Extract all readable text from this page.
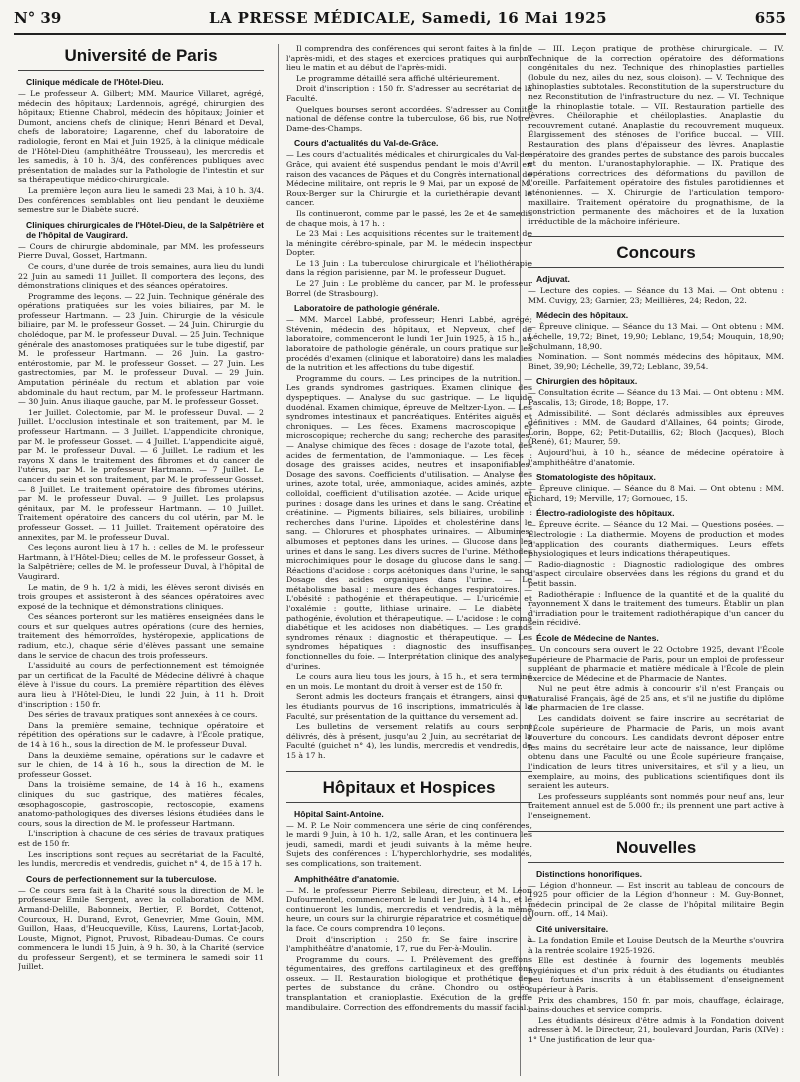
N° 39	LA PRESSE MÉDICALE, Samedi, 16 Mai 1925	655
Université de Paris
Clinique médicale de l'Hôtel-Dieu.

— Le professeur A. Gilbert; MM. Maurice Villaret, agrégé, médecin des hôpitaux; Lardennois, agrégé, chirurgien des hôpitaux; Etienne Chabrol, médecin des hôpitaux; Joinier et Dumont, anciens chefs de clinique; Henri Bénard et Deval, chefs de laboratoire; Lagarenne, chef du laboratoire de radiologie, feront en Mai et Juin 1925, à la clinique médicale de l'Hôtel-Dieu (amphithéâtre Trousseau), les mercredis et les samedis, à 10 h. 3/4, des conférences publiques avec présentation de malades sur la Pathologie de l'intestin et sur sa thérapeutique médico-chirurgicale.

La première leçon aura lieu le samedi 23 Mai, à 10 h. 3/4. Des conférences semblables ont lieu pendant le deuxième semestre sur le Diabète sucré.

Cliniques chirurgicales de l'Hôtel-Dieu, de la Salpêtrière et de l'hôpital de Vaugirard.

— Cours de chirurgie abdominale, par MM. les professeurs Pierre Duval, Gosset, Hartmann.

Ce cours, d'une durée de trois semaines, aura lieu du lundi 22 Juin au samedi 11 Juillet. Il comportera des leçons, des démonstrations cliniques et des séances opératoires.

Programme des leçons. — 22 Juin. Technique générale des opérations pratiquées sur les voies biliaires, par M. le professeur Hartmann. — 23 Juin. Chirurgie de la vésicule biliaire, par M. le professeur Gosset. — 24 Juin. Chirurgie du cholédoque, par M. le professeur Duval. — 25 Juin. Technique générale des anastomoses pratiquées sur le tube digestif, par M. le professeur Hartmann. — 26 Juin. La gastro-entérostomie, par M. le professeur Gosset. — 27 Juin. Les gastrectomies, par M. le professeur Duval. — 29 Juin. Amputation périnéale du rectum et ablation par voie abdominale du haut rectum, par M. le professeur Hartmann. — 30 Juin. Anus iliaque gauche, par M. le professeur Gosset.

1er Juillet. Colectomie, par M. le professeur Duval. — 2 Juillet. L'occlusion intestinale et son traitement, par M. le professeur Hartmann. — 3 Juillet. L'appendicite chronique, par M. le professeur Gosset. — 4 Juillet. L'appendicite aiguë, par M. le professeur Duval. — 6 Juillet. Le radium et les rayons X dans le traitement des fibromes et du cancer de l'utérus, par M. le professeur Hartmann. — 7 Juillet. Le cancer du sein et son traitement, par M. le professeur Gosset. — 8 Juillet. Le traitement opératoire des fibromes utérins, par M. le professeur Duval. — 9 Juillet. Les prolapsus génitaux, par M. le professeur Hartmann. — 10 Juillet. Traitement opératoire des cancers du col utérin, par M. le professeur Gosset. — 11 Juillet. Traitement opératoire des annexites, par M. le professeur Duval.

Ces leçons auront lieu à 17 h. : celles de M. le professeur Hartmann, à l'Hôtel-Dieu; celles de M. le professeur Gosset, à la Salpêtrière; celles de M. le professeur Duval, à l'hôpital de Vaugirard.

Le matin, de 9 h. 1/2 à midi, les élèves seront divisés en trois groupes et assisteront à des séances opératoires avec exposé de la technique et démonstrations cliniques.

Ces séances porteront sur les matières enseignées dans le cours et sur quelques autres opérations (cure des hernies, traitement des hémorroïdes, hystéropexie, applications de radium, etc.), chaque série d'élèves passant une semaine dans le service de chacun des trois professeurs.

L'assiduité au cours de perfectionnement est témoignée par un certificat de la Faculté de Médecine délivré à chaque élève à l'issue du cours. La première répartition des élèves aura lieu à l'Hôtel-Dieu, le lundi 22 Juin, à 11 h. Droit d'inscription : 150 fr.

Des séries de travaux pratiques sont annexées à ce cours.

Dans la première semaine, technique opératoire et répétition des opérations sur le cadavre, à l'École pratique, de 14 à 16 h., sous la direction de M. le professeur Duval.

Dans la deuxième semaine, opérations sur le cadavre et sur le chien, de 14 à 16 h., sous la direction de M. le professeur Gosset.

Dans la troisième semaine, de 14 à 16 h., examens cliniques du suc gastrique, des matières fécales, œsophagoscopie, gastroscopie, rectoscopie, examens anatomo-pathologiques des diverses lésions étudiées dans le cours, sous la direction de M. le professeur Hartmann.

L'inscription à chacune de ces séries de travaux pratiques est de 150 fr.

Les inscriptions sont reçues au secrétariat de la Faculté, les lundis, mercredis et vendredis, guichet n° 4, de 15 à 17 h.

Cours de perfectionnement sur la tuberculose.

— Ce cours sera fait à la Charité sous la direction de M. le professeur Emile Sergent, avec la collaboration de MM. Armand-Delille, Babonneix, Bertier, F. Bordet, Cottenot, Courcoux, H. Durand, Evrot, Genevrier, Mme Gouin, MM. Guillon, Haas, d'Heucqueville, Küss, Laurens, Lortat-Jacob, Louste, Mignot, Pignot, Pruvost, Ribadeau-Dumas. Ce cours commencera le lundi 15 Juin, à 9 h. 30, à la Charité (service du professeur Sergent), et se terminera le samedi soir 11 Juillet.

Il comprendra des conférences qui seront faites à la fin de l'après-midi, et des stages et exercices pratiques qui auront lieu le matin et au début de l'après-midi.

Le programme détaillé sera affiché ultérieurement.

Droit d'inscription : 150 fr. S'adresser au secrétariat de la Faculté.

Quelques bourses seront accordées. S'adresser au Comité national de défense contre la tuberculose, 66 bis, rue Notre-Dame-des-Champs.

Cours d'actualités du Val-de-Grâce.

— Les cours d'actualités médicales et chirurgicales du Val-de-Grâce, qui avaient été suspendus pendant le mois d'Avril en raison des vacances de Pâques et du Congrès international de Médecine militaire, ont repris le 9 Mai, par un exposé de M. Roux-Berger sur la Chirurgie et la curiethérapie devant le cancer.

Ils continueront, comme par le passé, les 2e et 4e samedis de chaque mois, à 17 h. :

Le 23 Mai : Les acquisitions récentes sur le traitement de la méningite cérébro-spinale, par M. le médecin inspecteur Dopter.

Le 13 Juin : La tuberculose chirurgicale et l'héliothérapie dans la région parisienne, par M. le professeur Duguet.

Le 27 Juin : Le problème du cancer, par M. le professeur Borrel (de Strasbourg).

Laboratoire de pathologie générale.

— MM. Marcel Labbé, professeur; Henri Labbé, agrégé; Stévenin, médecin des hôpitaux, et Nepveux, chef de laboratoire, commenceront le lundi 1er Juin 1925, à 15 h., au laboratoire de pathologie générale, un cours pratique sur les procédés d'examen (clinique et laboratoire) dans les maladies de la nutrition et les affections du tube digestif.

Programme du cours. — Les principes de la nutrition. — Les grands syndromes gastriques. Examen clinique des dyspeptiques. — Analyse du suc gastrique. — Le liquide duodénal. Examen chimique, épreuve de Meltzer-Lyon. — Les syndromes intestinaux et pancréatiques. Entérites aiguës et chroniques. — Les fèces. Examens macroscopique et microscopique; recherche du sang; recherche des parasites. — Analyse chimique des fèces : dosage de l'azote total, des acides de fermentation, de l'ammoniaque. — Les fèces : dosage des graisses acides, neutres et insaponifiables. Dosage des savons. Coefficients d'utilisation. — Analyse des urines, azote total, urée, ammoniaque, acides aminés, azote colloïdal, coefficient d'utilisation azotée. — Acide urique et purines : dosage dans les urines et dans le sang. Créatine et créatinine. — Pigments biliaires, sels biliaires, urobiline : recherches dans l'urine. Lipoïdes et cholestérine dans le sang. — Chlorures et phosphates urinaires. — Albumines, albumoses et peptones dans les urines. — Glucose dans les urines et dans le sang. Les divers sucres de l'urine. Méthodes microchimiques pour le dosage du glucose dans le sang. — Réactions d'acidose : corps acétoniques dans l'urine, le sang. Dosage des acides organiques dans l'urine. — Le métabolisme basal : mesure des échanges respiratoires. — L'obésité : pathogénie et thérapeutique. — L'uricémie et l'oxalémie : goutte, lithiase urinaire. — Le diabète : pathogénie, évolution et thérapeutique. — L'acidose : le coma diabétique et les acidoses non diabétiques. — Les grands syndromes rénaux : diagnostic et thérapeutique. — Les syndromes hépatiques : diagnostic des insuffisances fonctionnelles du foie. — Interprétation clinique des analyses d'urines.

Le cours aura lieu tous les jours, à 15 h., et sera terminé en un mois. Le montant du droit à verser est de 150 fr.

Seront admis les docteurs français et étrangers, ainsi que les étudiants pourvus de 16 inscriptions, immatriculés à la Faculté, sur présentation de la quittance du versement ad.

Les bulletins de versement relatifs au cours seront délivrés, dès à présent, jusqu'au 2 Juin, au secrétariat de la Faculté (guichet n° 4), les lundis, mercredis et vendredis, de 15 à 17 h.

Hôpitaux et Hospices
Hôpital Saint-Antoine.

— M. P. Le Noir commencera une série de cinq conférences, le mardi 9 Juin, à 10 h. 1/2, salle Aran, et les continuera les jeudi, samedi, mardi et jeudi suivants à la même heure. Sujets des conférences : L'hyperchlorhydrie, ses modalités, ses complications, son traitement.

Amphithéâtre d'anatomie.

— M. le professeur Pierre Sebileau, directeur, et M. Léon Dufourmentel, commenceront le lundi 1er Juin, à 14 h., et le continueront les lundis, mercredis et vendredis, à la même heure, un cours sur la chirurgie réparatrice et cosmétique de la face. Ce cours comprendra 10 leçons.

Droit d'inscription : 250 fr. Se faire inscrire à l'amphithéâtre d'anatomie, 17, rue du Fer-à-Moulin.

Programme du cours. — I. Prélèvement des greffons tégumentaires, des greffons cartilagineux et des greffons osseux. — II. Restauration biologique et prothétique des pertes de substance du crâne. Chondro ou ostéo-transplantation et cranioplastie. Exécution de la greffe mandibulaire. Correction des effondrements du massif facial.

— III. Leçon pratique de prothèse chirurgicale. — IV. Technique de la correction opératoire des déformations congénitales du nez. Technique des rhinoplasties partielles (lobule du nez, ailes du nez, sous cloison). — V. Technique des rhinoplasties subtotales. Reconstitution de la superstructure du nez Reconstitution de l'infrastructure du nez. — VI. Technique de la rhinoplastie totale. — VII. Restauration partielle des lèvres. Chéiloraphie et chéiloplasties. Anaplastie du recouvrement cutané. Anaplastie du recouvrement muqueux. Élargissement des sténoses de l'orifice buccal. — VIII. Restauration des plans d'épaisseur des lèvres. Anaplastie opératoire des grandes pertes de substance des parois buccales et du menton. L'uranostaphyloraphie. — IX. Pratique des opérations correctrices des déformations du pavillon de l'oreille. Parfaitement opératoire des fistules parotidiennes et sténoniennes. — X. Chirurgie de l'articulation temporo-maxillaire. Traitement opératoire du prognathisme, de la constriction permanente des mâchoires et de la luxation irréductible de la mâchoire inférieure.

Concours
Adjuvat.

— Lecture des copies. — Séance du 13 Mai. — Ont obtenu : MM. Cuvigy, 23; Garnier, 23; Meillières, 24; Redon, 22.

Médecin des hôpitaux.

— Épreuve clinique. — Séance du 13 Mai. — Ont obtenu : MM. Léchelle, 19,72; Binet, 19,90; Leblanc, 19,54; Mouquin, 18,90; Schulmann, 18,90.

Nomination. — Sont nommés médecins des hôpitaux, MM. Binet, 39,90; Léchelle, 39,72; Leblanc, 39,54.

Chirurgien des hôpitaux.

— Consultation écrite — Séance du 13 Mai. — Ont obtenu : MM. Pascalis, 13; Girode, 18; Boppe, 17.

Admissibilité. — Sont déclarés admissibles aux épreuves définitives : MM. de Gaudard d'Allaines, 64 points; Girode, Lorin, Boppe, 62; Petit-Dutaillis, 62; Bloch (Jacques), Bloch (René), 61; Maurer, 59.

Aujourd'hui, à 10 h., séance de médecine opératoire à l'amphithéâtre d'anatomie.

Stomatologiste des hôpitaux.

— Épreuve clinique. — Séance du 8 Mai. — Ont obtenu : MM. Richard, 19; Merville, 17; Gornouec, 15.

Électro-radiologiste des hôpitaux.

— Épreuve écrite. — Séance du 12 Mai. — Questions posées. — Électrologie : La diathermie. Moyens de production et modes d'application des courants diathermiques. Leurs effets physiologiques et leurs indications thérapeutiques.

Radio-diagnostic : Diagnostic radiologique des ombres d'aspect circulaire observées dans les régions du grand et du petit bassin.

Radiothérapie : Influence de la quantité et de la qualité du rayonnement X dans le traitement des tumeurs. Établir un plan d'irradiation pour le traitement radiothérapique d'un cancer du sein récidivé.

École de Médecine de Nantes.

— Un concours sera ouvert le 22 Octobre 1925, devant l'École supérieure de Pharmacie de Paris, pour un emploi de professeur suppléant de pharmacie et matière médicale à l'École de plein exercice de Médecine et de Pharmacie de Nantes.

Nul ne peut être admis à concourir s'il n'est Français ou naturalisé Français, âgé de 25 ans, et s'il ne justifie du diplôme de pharmacien de 1re classe.

Les candidats doivent se faire inscrire au secrétariat de l'École supérieure de Pharmacie de Paris, un mois avant l'ouverture du concours. Les candidats devront déposer entre les mains du secrétaire leur acte de naissance, leur diplôme obtenu dans une Faculté ou une École supérieure française, l'indication de leurs titres universitaires, et s'il y a lieu, un exemplaire, au moins, des publications scientifiques dont ils seraient les auteurs.

Les professeurs suppléants sont nommés pour neuf ans, leur traitement annuel est de 5.000 fr.; ils prennent une part active à l'enseignement.

Nouvelles
Distinctions honorifiques.

— Légion d'honneur. — Est inscrit au tableau de concours de 1925 pour officier de la Légion d'honneur : M. Guy-Bonnet, médecin principal de 2e classe de l'hôpital militaire Begin (Journ. off., 14 Mai).

Cité universitaire.

— La fondation Emile et Louise Deutsch de la Meurthe s'ouvrira à la rentrée scolaire 1925-1926.

Elle est destinée à fournir des logements meublés hygiéniques et d'un prix réduit à des étudiants ou étudiantes peu fortunés inscrits à un établissement d'enseignement supérieur à Paris.

Prix des chambres, 150 fr. par mois, chauffage, éclairage, bains-douches et service compris.

Les étudiants désireux d'être admis à la Fondation doivent adresser à M. le Directeur, 21, boulevard Jourdan, Paris (XIVe) : 1° Une justification de leur qua-
